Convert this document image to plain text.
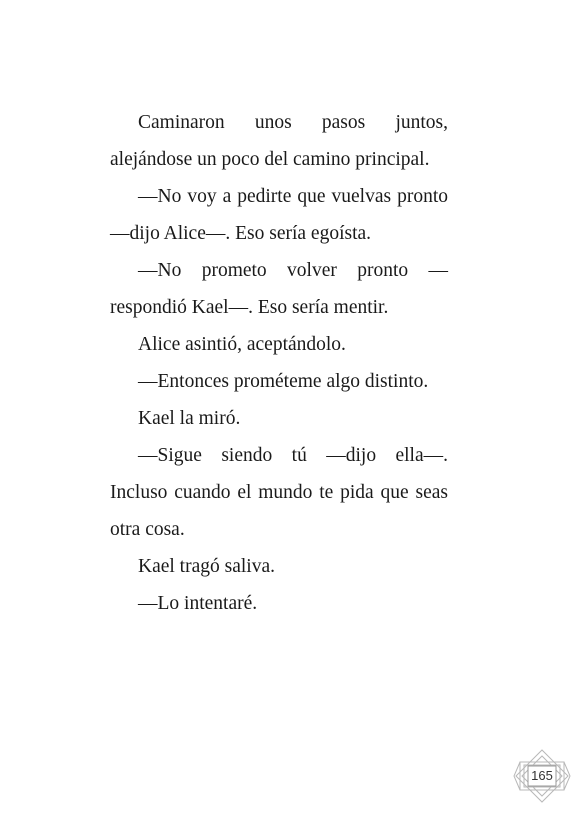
Caminaron unos pasos juntos, alejándose un poco del camino principal.

—No voy a pedirte que vuelvas pronto —dijo Alice—. Eso sería egoísta.

—No prometo volver pronto —respondió Kael—. Eso sería mentir.

Alice asintió, aceptándolo.

—Entonces prométeme algo distinto.

Kael la miró.

—Sigue siendo tú —dijo ella—. Incluso cuando el mundo te pida que seas otra cosa.

Kael tragó saliva.

—Lo intentaré.

165
